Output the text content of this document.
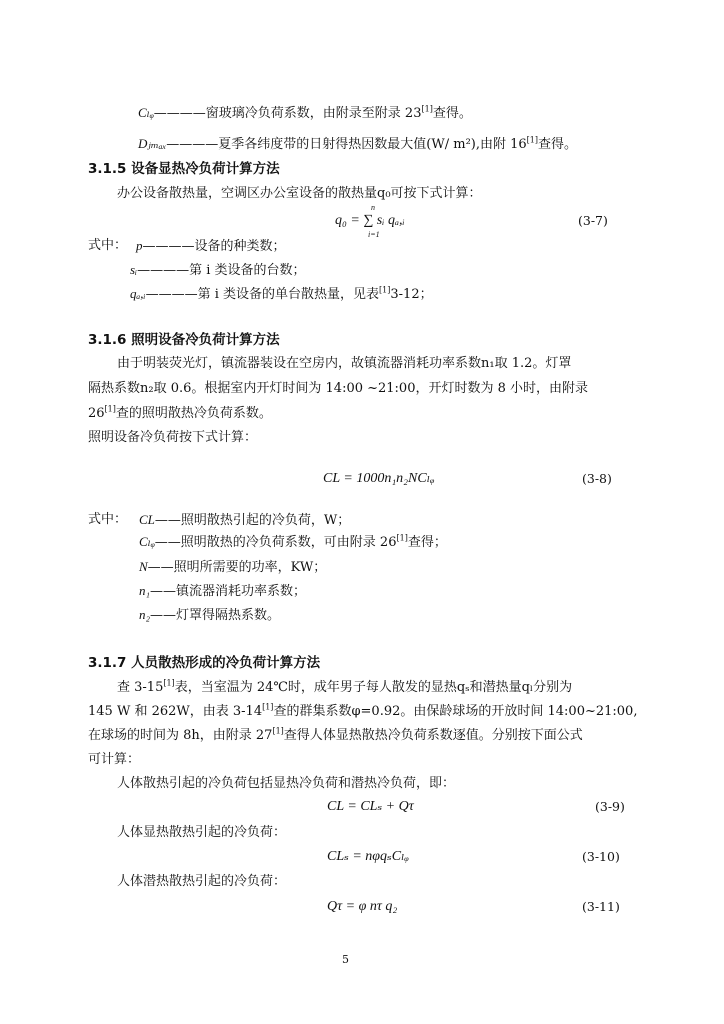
Cₗᵩ————窗玻璃冷负荷系数，由附录至附录 23[1]查得。
Dⱼₘₐₓ————夏季各纬度带的日射得热因数最大值(W/ m²),由附 16[1]查得。
3.1.5 设备显热冷负荷计算方法
办公设备散热量，空调区办公室设备的散热量q₀可按下式计算：
q₀ = ∑ sᵢ qₐ,ᵢ
n
i=1
(3-7)
式中： p————设备的种类数；
sᵢ————第 i 类设备的台数；
qₐ,ᵢ————第 i 类设备的单台散热量，见表[1]3-12；
3.1.6 照明设备冷负荷计算方法
由于明装荧光灯，镇流器装设在空房内，故镇流器消耗功率系数n₁取 1.2。灯罩
隔热系数n₂取 0.6。根据室内开灯时间为 14:00 ~21:00，开灯时数为 8 小时，由附录
26[1]查的照明散热冷负荷系数。
照明设备冷负荷按下式计算：
CL = 1000n₁n₂NCₗᵩ	(3-8)
式中： CL——照明散热引起的冷负荷，W；
Cₗᵩ——照明散热的冷负荷系数，可由附录 26[1]查得；
N——照明所需要的功率，KW；
n₁——镇流器消耗功率系数；
n₂——灯罩得隔热系数。
3.1.7 人员散热形成的冷负荷计算方法
查 3-15[1]表，当室温为 24℃时，成年男子每人散发的显热qₛ和潜热量qₗ分别为
145 W 和 262W，由表 3-14[1]查的群集系数φ=0.92。由保龄球场的开放时间 14:00~21:00,
在球场的时间为 8h，由附录 27[1]查得人体显热散热冷负荷系数逐值。分别按下面公式
可计算：
人体散热引起的冷负荷包括显热冷负荷和潜热冷负荷，即：
CL = CLₛ + Qτ	(3-9)
人体显热散热引起的冷负荷：
CLₛ = nφqₛCₗᵩ	(3-10)
人体潜热散热引起的冷负荷：
Qτ = φ nτ q₂	(3-11)
5
